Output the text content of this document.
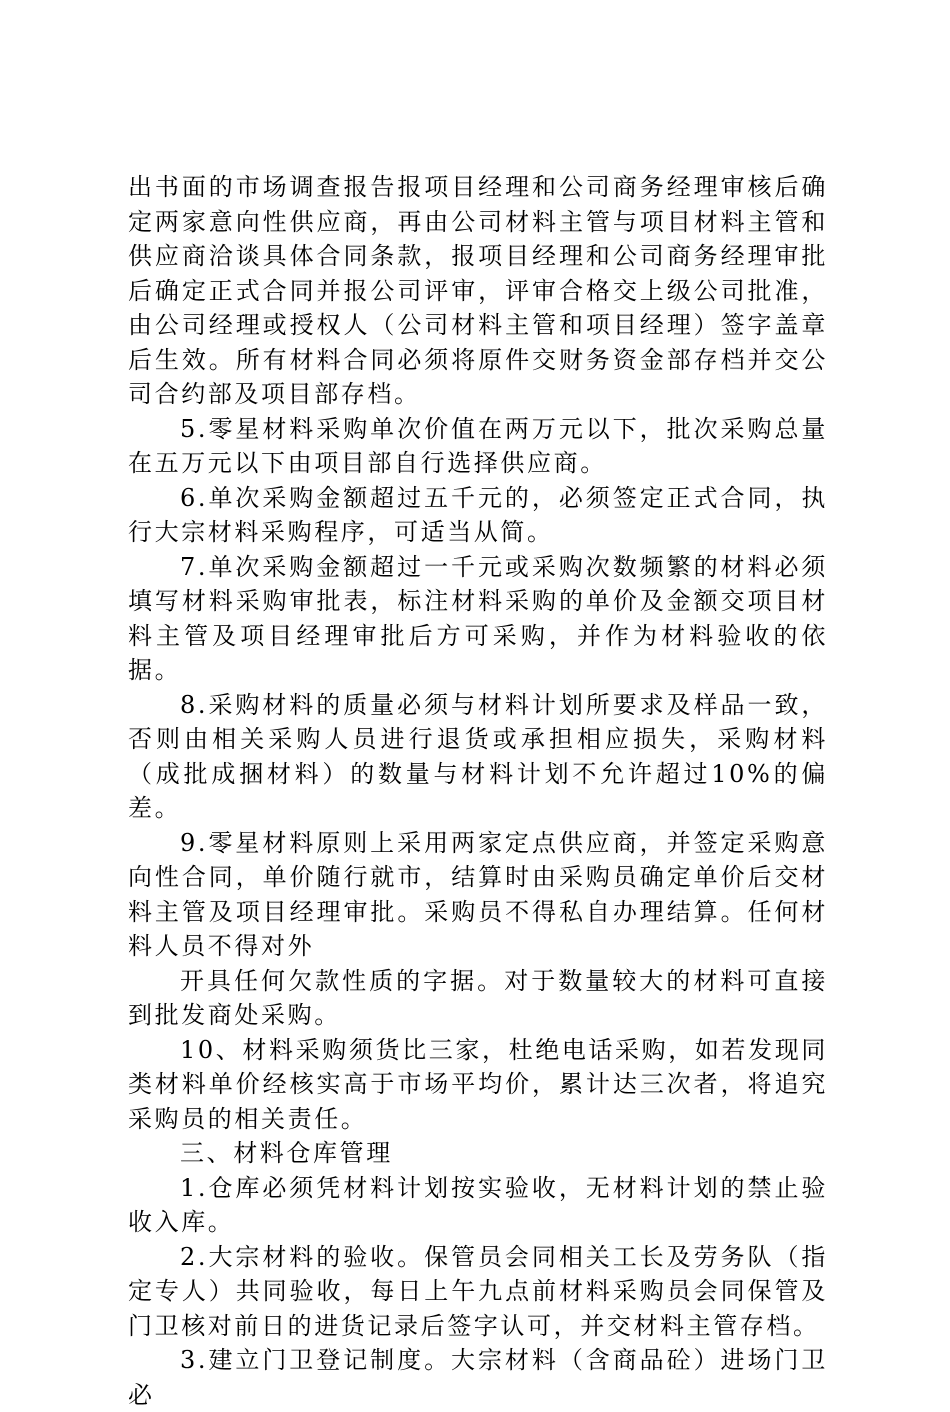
出书面的市场调查报告报项目经理和公司商务经理审核后确定两家意向性供应商，再由公司材料主管与项目材料主管和供应商洽谈具体合同条款，报项目经理和公司商务经理审批后确定正式合同并报公司评审，评审合格交上级公司批准，由公司经理或授权人（公司材料主管和项目经理）签字盖章后生效。所有材料合同必须将原件交财务资金部存档并交公司合约部及项目部存档。

5.零星材料采购单次价值在两万元以下，批次采购总量在五万元以下由项目部自行选择供应商。

6.单次采购金额超过五千元的，必须签定正式合同，执行大宗材料采购程序，可适当从简。

7.单次采购金额超过一千元或采购次数频繁的材料必须填写材料采购审批表，标注材料采购的单价及金额交项目材料主管及项目经理审批后方可采购，并作为材料验收的依据。

8.采购材料的质量必须与材料计划所要求及样品一致，否则由相关采购人员进行退货或承担相应损失，采购材料（成批成捆材料）的数量与材料计划不允许超过10%的偏差。

9.零星材料原则上采用两家定点供应商，并签定采购意向性合同，单价随行就市，结算时由采购员确定单价后交材料主管及项目经理审批。采购员不得私自办理结算。任何材料人员不得对外

开具任何欠款性质的字据。对于数量较大的材料可直接到批发商处采购。

10、材料采购须货比三家，杜绝电话采购，如若发现同类材料单价经核实高于市场平均价，累计达三次者，将追究采购员的相关责任。

三、材料仓库管理

1.仓库必须凭材料计划按实验收，无材料计划的禁止验收入库。

2.大宗材料的验收。保管员会同相关工长及劳务队（指定专人）共同验收，每日上午九点前材料采购员会同保管及门卫核对前日的进货记录后签字认可，并交材料主管存档。

3.建立门卫登记制度。大宗材料（含商品砼）进场门卫必
